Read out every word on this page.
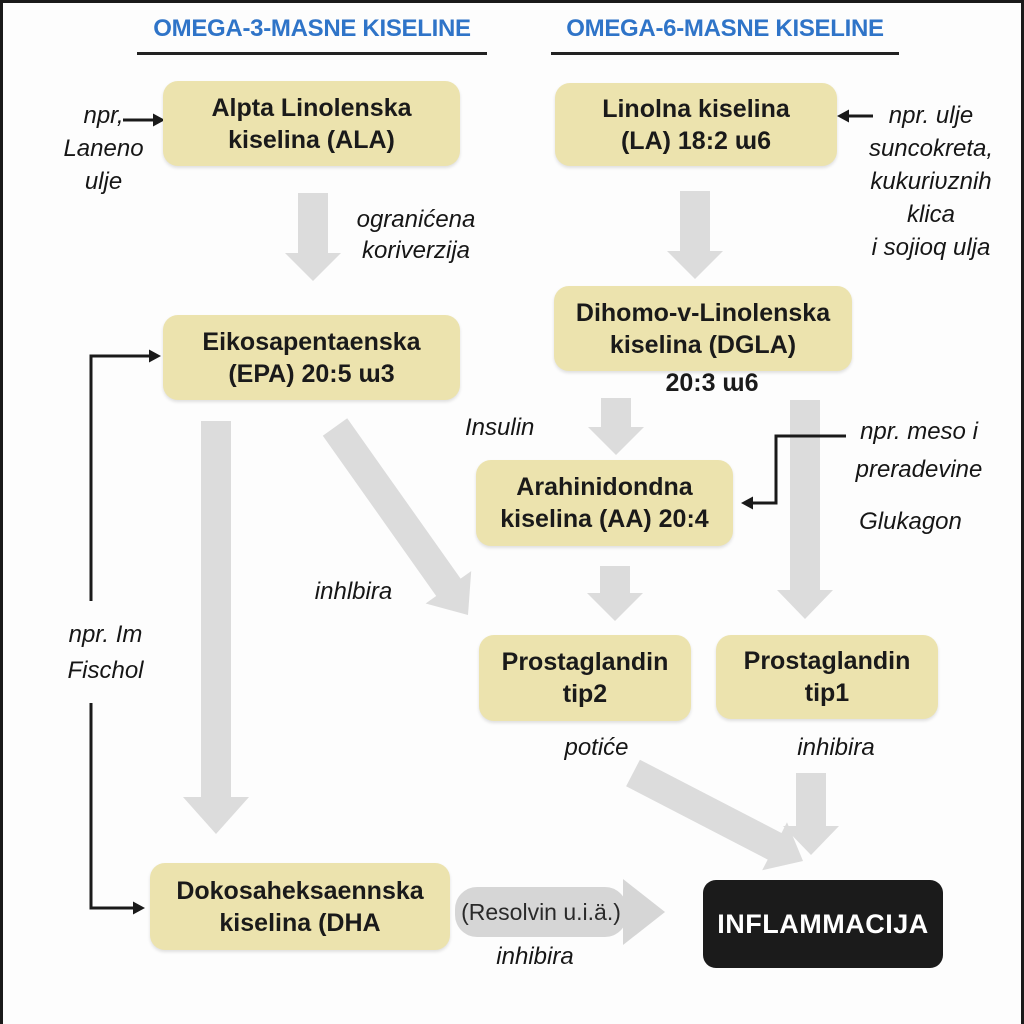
OMEGA-3-MASNE KISELINE	OMEGA-6-MASNE KISELINE
Alpta Linolenska
kiselina (ALA)
Linolna kiselina
(LA) 18:2 ɯ6
Eikosapentaenska
(EPA) 20:5 ɯ3
Dihomo-v-Linolenska
kiselina (DGLA)
20:3 ɯ6
Arahinidondna
kiselina (AA) 20:4
Prostaglandin
tip2
Prostaglandin
tip1
Dokosaheksaennska
kiselina (DHA	INFLAMMACIJA
(Resolvin u.i.ä.)
npr,
Laneno
ulje
npr. ulje
suncokreta,
kukuriʋznih
klica
i sojioq ulja
ogranićena
koriverzija
Insulin	npr. meso i
preradevine
Glukagon
inhlbira
npr. Im
Fischol
potiće	inhibira
inhibira
